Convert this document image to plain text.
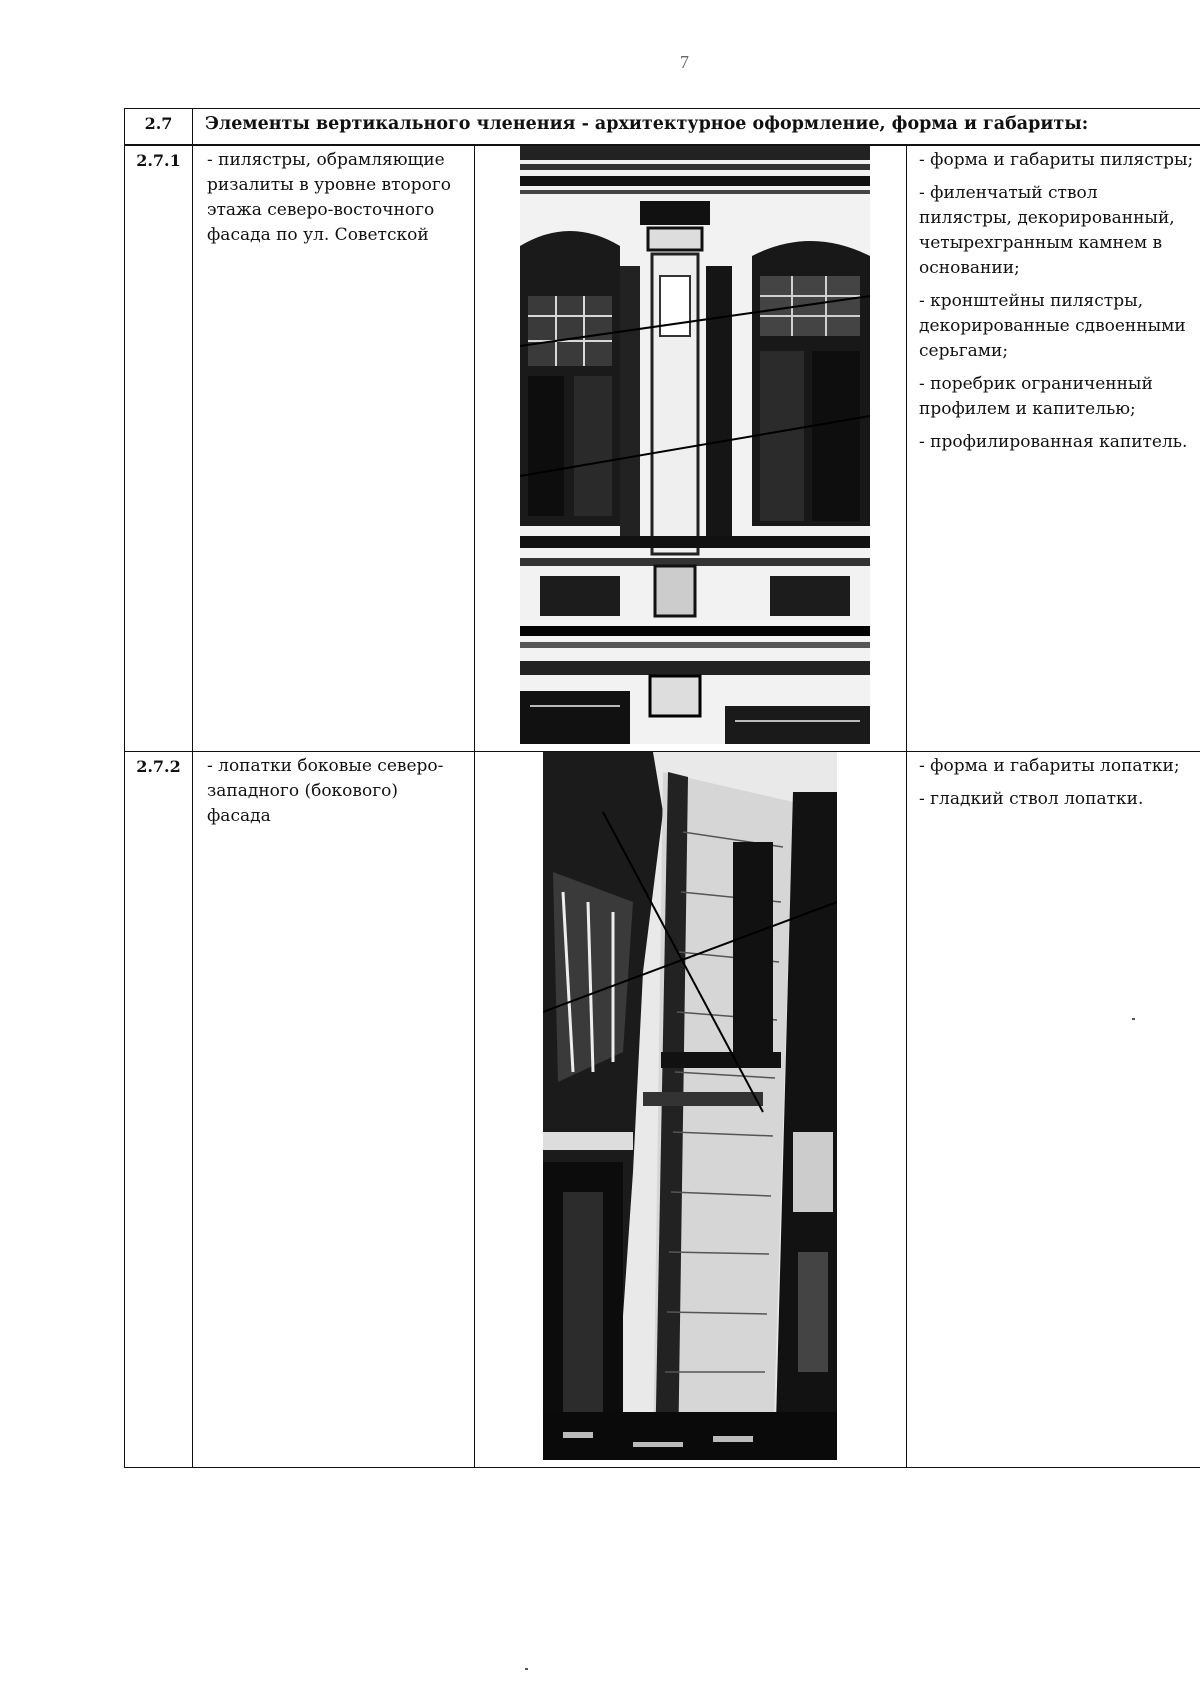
7
2.7	Элементы вертикального членения - архитектурное оформление, форма и габариты:		
2.7.1	- пилястры, обрамляющие ризалиты в уровне второго этажа северо-восточного фасада по ул. Советской		- форма и габариты пилястры;

- филенчатый ствол пилястры, декорированный, четырехгранным камнем в основании;

- кронштейны пилястры, декорированные сдвоенными серьгами;

- поребрик ограниченный профилем и капителью;

- профилированная капитель.

2.7.2	- лопатки боковые северо-западного (бокового) фасада		- форма и габариты лопатки;

- гладкий ствол лопатки.
